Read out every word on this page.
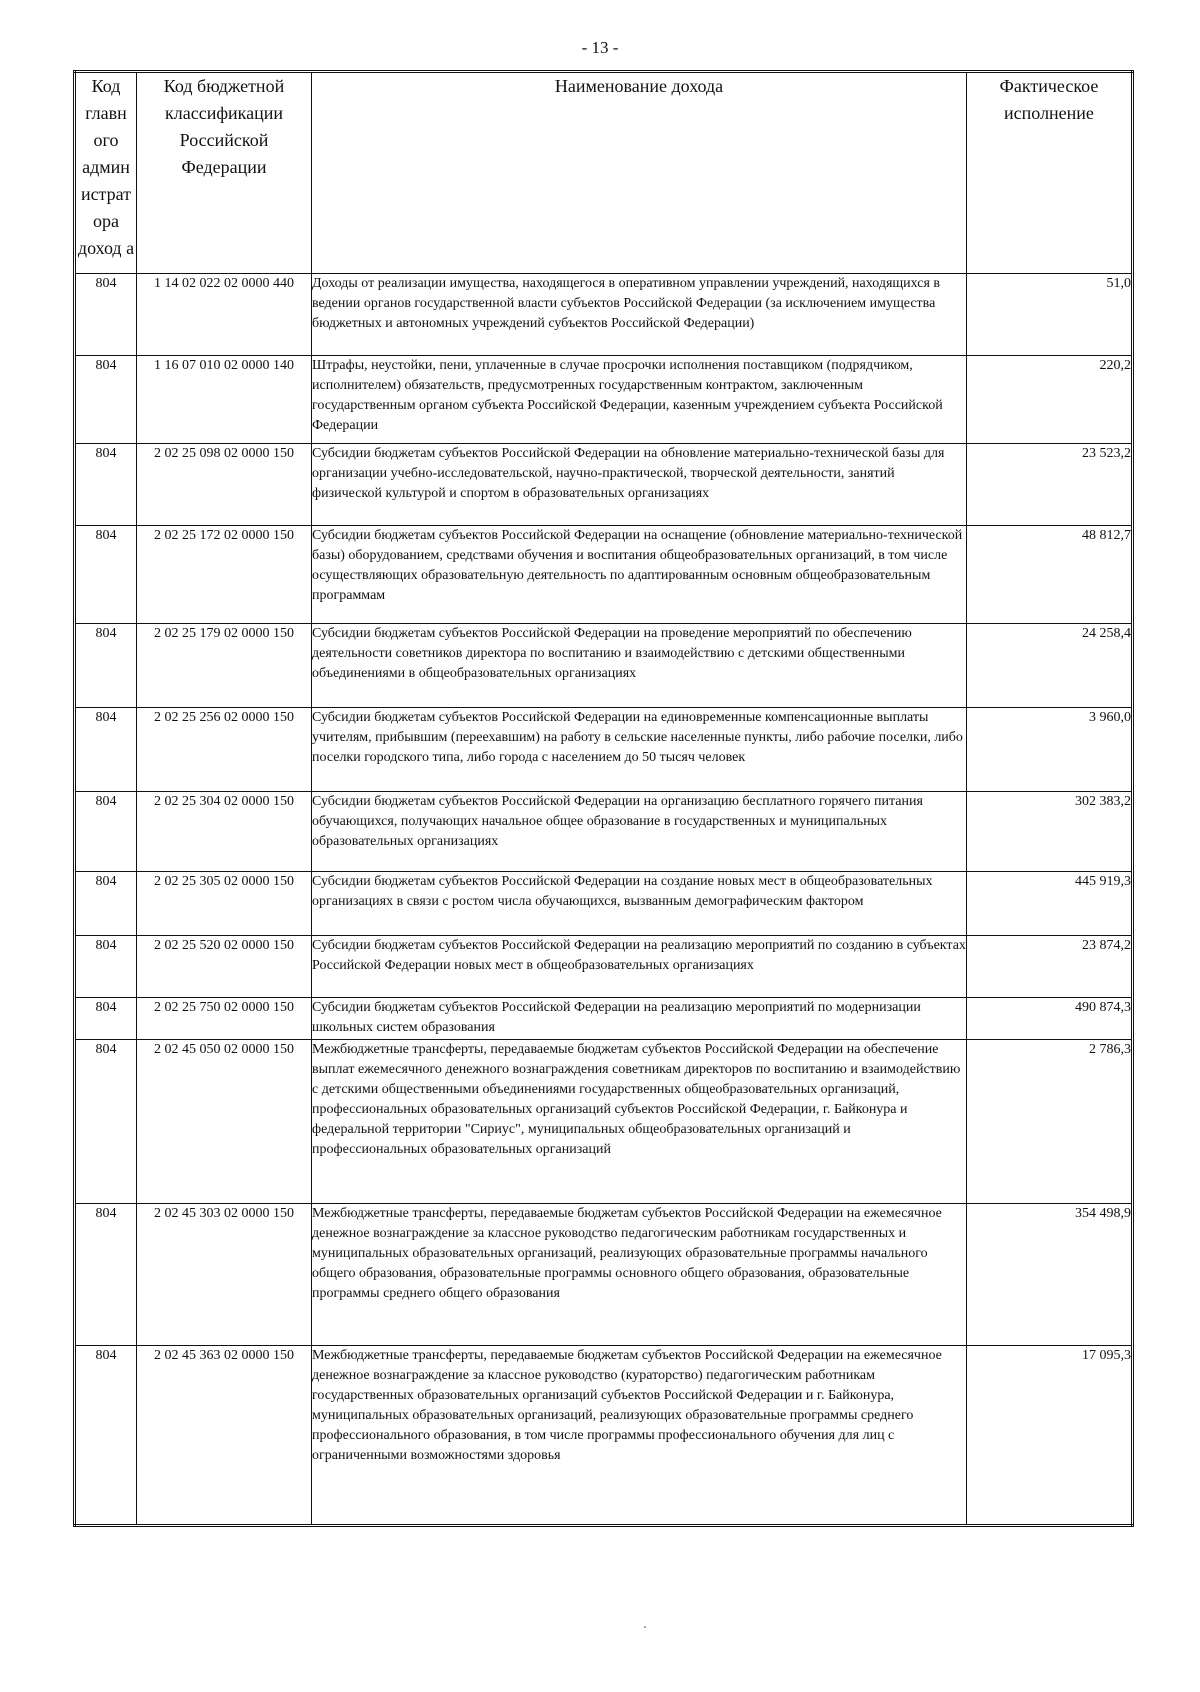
- 13 -
Код главн ого админ истрат ора доход а	Код бюджетной классификации Российской Федерации	Наименование дохода	Фактическое исполнение
804	1 14 02 022 02 0000 440	Доходы от реализации имущества, находящегося в оперативном управлении учреждений, находящихся в ведении органов государственной власти субъектов Российской Федерации (за исключением имущества бюджетных и автономных учреждений субъектов Российской Федерации)	51,0
804	1 16 07 010 02 0000 140	Штрафы, неустойки, пени, уплаченные в случае просрочки исполнения поставщиком (подрядчиком, исполнителем) обязательств, предусмотренных государственным контрактом, заключенным государственным органом субъекта Российской Федерации, казенным учреждением субъекта Российской Федерации	220,2
804	2 02 25 098 02 0000 150	Субсидии бюджетам субъектов Российской Федерации на обновление материально-технической базы для организации учебно-исследовательской, научно-практической, творческой деятельности, занятий физической культурой и спортом в образовательных организациях	23 523,2
804	2 02 25 172 02 0000 150	Субсидии бюджетам субъектов Российской Федерации на оснащение (обновление материально-технической базы) оборудованием, средствами обучения и воспитания общеобразовательных организаций, в том числе осуществляющих образовательную деятельность по адаптированным основным общеобразовательным программам	48 812,7
804	2 02 25 179 02 0000 150	Субсидии бюджетам субъектов Российской Федерации на проведение мероприятий по обеспечению деятельности советников директора по воспитанию и взаимодействию с детскими общественными объединениями в общеобразовательных организациях	24 258,4
804	2 02 25 256 02 0000 150	Субсидии бюджетам субъектов Российской Федерации на единовременные компенсационные выплаты учителям, прибывшим (переехавшим) на работу в сельские населенные пункты, либо рабочие поселки, либо поселки городского типа, либо города с населением до 50 тысяч человек	3 960,0
804	2 02 25 304 02 0000 150	Субсидии бюджетам субъектов Российской Федерации на организацию бесплатного горячего питания обучающихся, получающих начальное общее образование в государственных и муниципальных образовательных организациях	302 383,2
804	2 02 25 305 02 0000 150	Субсидии бюджетам субъектов Российской Федерации на создание новых мест в общеобразовательных организациях в связи с ростом числа обучающихся, вызванным демографическим фактором	445 919,3
804	2 02 25 520 02 0000 150	Субсидии бюджетам субъектов Российской Федерации на реализацию мероприятий по созданию в субъектах Российской Федерации новых мест в общеобразовательных организациях	23 874,2
804	2 02 25 750 02 0000 150	Субсидии бюджетам субъектов Российской Федерации на реализацию мероприятий по модернизации школьных систем образования	490 874,3
804	2 02 45 050 02 0000 150	Межбюджетные трансферты, передаваемые бюджетам субъектов Российской Федерации на обеспечение выплат ежемесячного денежного вознаграждения советникам директоров по воспитанию и взаимодействию с детскими общественными объединениями государственных общеобразовательных организаций, профессиональных образовательных организаций субъектов Российской Федерации, г. Байконура и федеральной территории "Сириус", муниципальных общеобразовательных организаций и профессиональных образовательных организаций	2 786,3
804	2 02 45 303 02 0000 150	Межбюджетные трансферты, передаваемые бюджетам субъектов Российской Федерации на ежемесячное денежное вознаграждение за классное руководство педагогическим работникам государственных и муниципальных образовательных организаций, реализующих образовательные программы начального общего образования, образовательные программы основного общего образования, образовательные программы среднего общего образования	354 498,9
804	2 02 45 363 02 0000 150	Межбюджетные трансферты, передаваемые бюджетам субъектов Российской Федерации на ежемесячное денежное вознаграждение за классное руководство (кураторство) педагогическим работникам государственных образовательных организаций субъектов Российской Федерации и г. Байконура, муниципальных образовательных организаций, реализующих образовательные программы среднего профессионального образования, в том числе программы профессионального обучения для лиц с ограниченными возможностями здоровья	17 095,3
